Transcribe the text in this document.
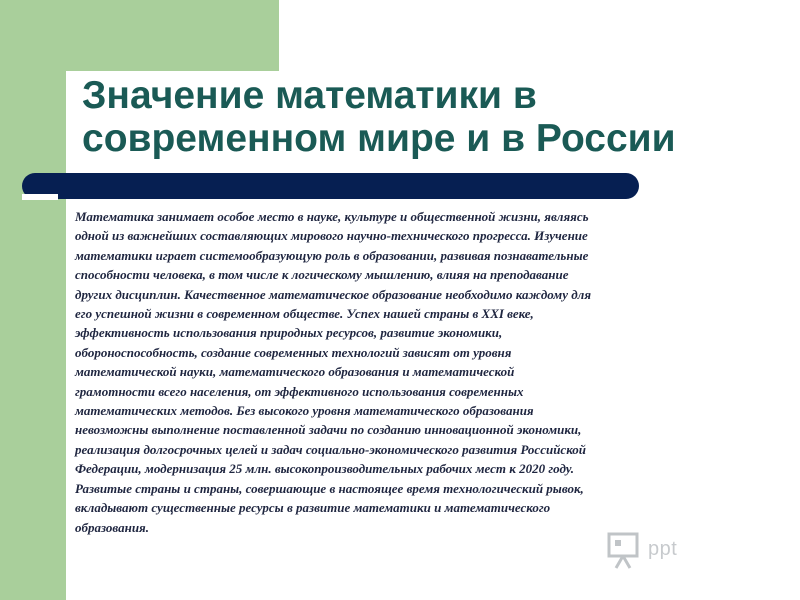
Значение математики в
современном мире и в России

Математика занимает особое место в науке, культуре и общественной жизни, являясь
одной из важнейших составляющих мирового научно-технического прогресса. Изучение
математики играет системообразующую роль в образовании, развивая познавательные
способности человека, в том числе к логическому мышлению, влияя на преподавание
других дисциплин. Качественное математическое образование необходимо каждому для
его успешной жизни в современном обществе. Успех нашей страны в XXI веке,
эффективность использования природных ресурсов, развитие экономики,
обороноспособность, создание современных технологий зависят от уровня
математической науки, математического образования и математической
грамотности всего населения, от эффективного использования современных
математических методов. Без высокого уровня математического образования
невозможны выполнение поставленной задачи по созданию инновационной экономики,
реализация долгосрочных целей и задач социально-экономического развития Российской
Федерации, модернизация 25 млн. высокопроизводительных рабочих мест к 2020 году.
Развитые страны и страны, совершающие в настоящее время технологический рывок,
вкладывают существенные ресурсы в развитие математики и математического
образования.

ppt
